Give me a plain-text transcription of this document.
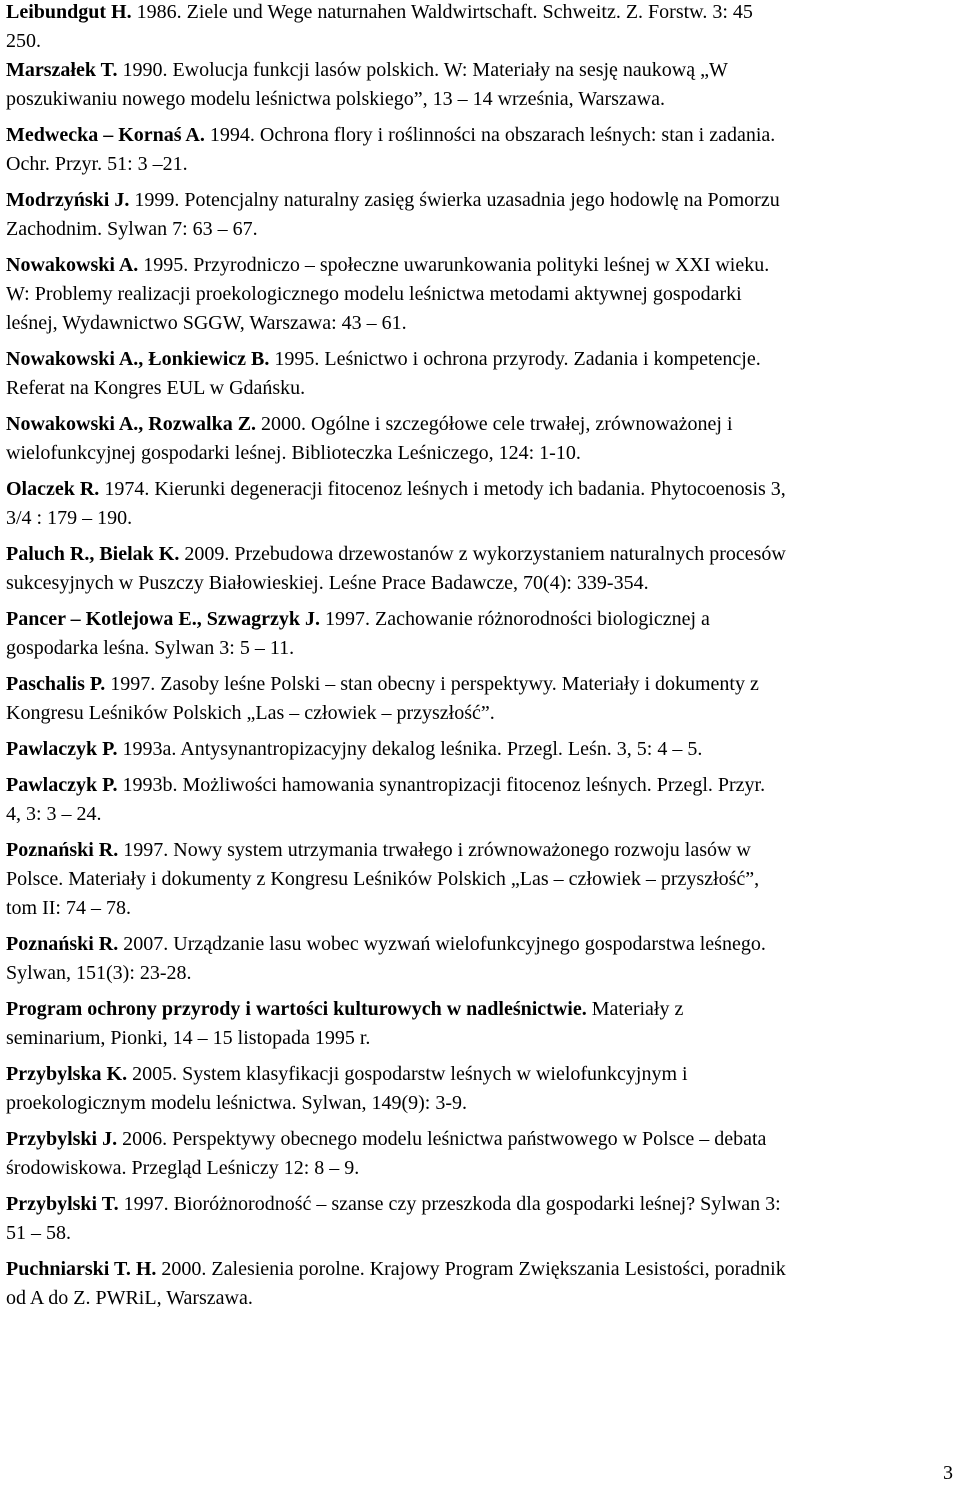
Leibundgut H. 1986. Ziele und Wege naturnahen Waldwirtschaft. Schweitz. Z. Forstw. 3: 45
250.

Marszałek T. 1990. Ewolucja funkcji lasów polskich. W: Materiały na sesję naukową „W
poszukiwaniu nowego modelu leśnictwa polskiego”, 13 – 14 września, Warszawa.

Medwecka – Kornaś A. 1994. Ochrona flory i roślinności na obszarach leśnych: stan i zadania.
Ochr. Przyr. 51: 3 –21.

Modrzyński J. 1999. Potencjalny naturalny zasięg świerka uzasadnia jego hodowlę na Pomorzu
Zachodnim. Sylwan 7: 63 – 67.

Nowakowski A. 1995. Przyrodniczo – społeczne uwarunkowania polityki leśnej w XXI wieku.
W: Problemy realizacji proekologicznego modelu leśnictwa metodami aktywnej gospodarki
leśnej, Wydawnictwo SGGW, Warszawa: 43 – 61.

Nowakowski A., Łonkiewicz B. 1995. Leśnictwo i ochrona przyrody. Zadania i kompetencje.
Referat na Kongres EUL w Gdańsku.

Nowakowski A., Rozwalka Z. 2000. Ogólne i szczegółowe cele trwałej, zrównoważonej i
wielofunkcyjnej gospodarki leśnej. Biblioteczka Leśniczego, 124: 1-10.

Olaczek R. 1974. Kierunki degeneracji fitocenoz leśnych i metody ich badania. Phytocoenosis 3,
3/4 : 179 – 190.

Paluch R., Bielak K. 2009. Przebudowa drzewostanów z wykorzystaniem naturalnych procesów
sukcesyjnych w Puszczy Białowieskiej. Leśne Prace Badawcze, 70(4): 339-354.

Pancer – Kotlejowa E., Szwagrzyk J. 1997. Zachowanie różnorodności biologicznej a
gospodarka leśna. Sylwan 3: 5 – 11.

Paschalis P. 1997. Zasoby leśne Polski – stan obecny i perspektywy. Materiały i dokumenty z
Kongresu Leśników Polskich „Las – człowiek – przyszłość”.

Pawlaczyk P. 1993a. Antysynantropizacyjny dekalog leśnika. Przegl. Leśn. 3, 5: 4 – 5.

Pawlaczyk P. 1993b. Możliwości hamowania synantropizacji fitocenoz leśnych. Przegl. Przyr.
4, 3: 3 – 24.

Poznański R. 1997. Nowy system utrzymania trwałego i zrównoważonego rozwoju lasów w
Polsce. Materiały i dokumenty z Kongresu Leśników Polskich „Las – człowiek – przyszłość”,
tom II: 74 – 78.

Poznański R. 2007. Urządzanie lasu wobec wyzwań wielofunkcyjnego gospodarstwa leśnego.
Sylwan, 151(3): 23-28.

Program ochrony przyrody i wartości kulturowych w nadleśnictwie. Materiały z
seminarium, Pionki, 14 – 15 listopada 1995 r.

Przybylska K. 2005. System klasyfikacji gospodarstw leśnych w wielofunkcyjnym i
proekologicznym modelu leśnictwa. Sylwan, 149(9): 3-9.

Przybylski J. 2006. Perspektywy obecnego modelu leśnictwa państwowego w Polsce – debata
środowiskowa. Przegląd Leśniczy 12: 8 – 9.

Przybylski T. 1997. Bioróżnorodność – szanse czy przeszkoda dla gospodarki leśnej? Sylwan 3:
51 – 58.

Puchniarski T. H. 2000. Zalesienia porolne. Krajowy Program Zwiększania Lesistości, poradnik
od A do Z. PWRiL, Warszawa.

3
